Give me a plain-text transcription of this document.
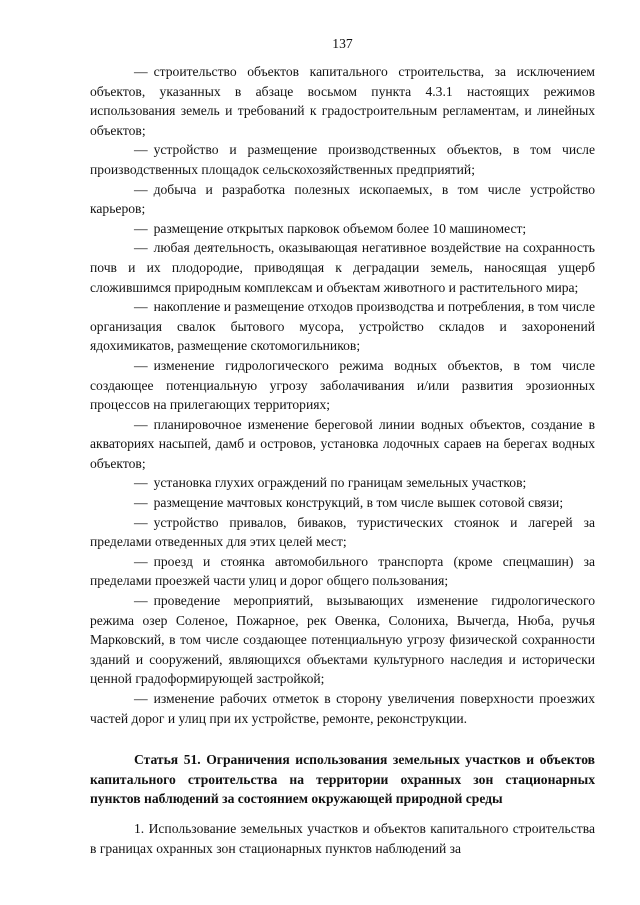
137

— строительство объектов капитального строительства, за исключением объектов, указанных в абзаце восьмом пункта 4.3.1 настоящих режимов использования земель и требований к градостроительным регламентам, и линейных объектов;

— устройство и размещение производственных объектов, в том числе производственных площадок сельскохозяйственных предприятий;

— добыча и разработка полезных ископаемых, в том числе устройство карьеров;

— размещение открытых парковок объемом более 10 машиномест;

— любая деятельность, оказывающая негативное воздействие на сохранность почв и их плодородие, приводящая к деградации земель, наносящая ущерб сложившимся природным комплексам и объектам животного и растительного мира;

— накопление и размещение отходов производства и потребления, в том числе организация свалок бытового мусора, устройство складов и захоронений ядохимикатов, размещение скотомогильников;

— изменение гидрологического режима водных объектов, в том числе создающее потенциальную угрозу заболачивания и/или развития эрозионных процессов на прилегающих территориях;

— планировочное изменение береговой линии водных объектов, создание в акваториях насыпей, дамб и островов, установка лодочных сараев на берегах водных объектов;

— установка глухих ограждений по границам земельных участков;

— размещение мачтовых конструкций, в том числе вышек сотовой связи;

— устройство привалов, биваков, туристических стоянок и лагерей за пределами отведенных для этих целей мест;

— проезд и стоянка автомобильного транспорта (кроме спецмашин) за пределами проезжей части улиц и дорог общего пользования;

— проведение мероприятий, вызывающих изменение гидрологического режима озер Соленое, Пожарное, рек Овенка, Солониха, Вычегда, Нюба, ручья Марковский, в том числе создающее потенциальную угрозу физической сохранности зданий и сооружений, являющихся объектами культурного наследия и исторически ценной градоформирующей застройкой;

— изменение рабочих отметок в сторону увеличения поверхности проезжих частей дорог и улиц при их устройстве, ремонте, реконструкции.

Статья 51. Ограничения использования земельных участков и объектов капитального строительства на территории охранных зон стационарных пунктов наблюдений за состоянием окружающей природной среды

1. Использование земельных участков и объектов капитального строительства в границах охранных зон стационарных пунктов наблюдений за
